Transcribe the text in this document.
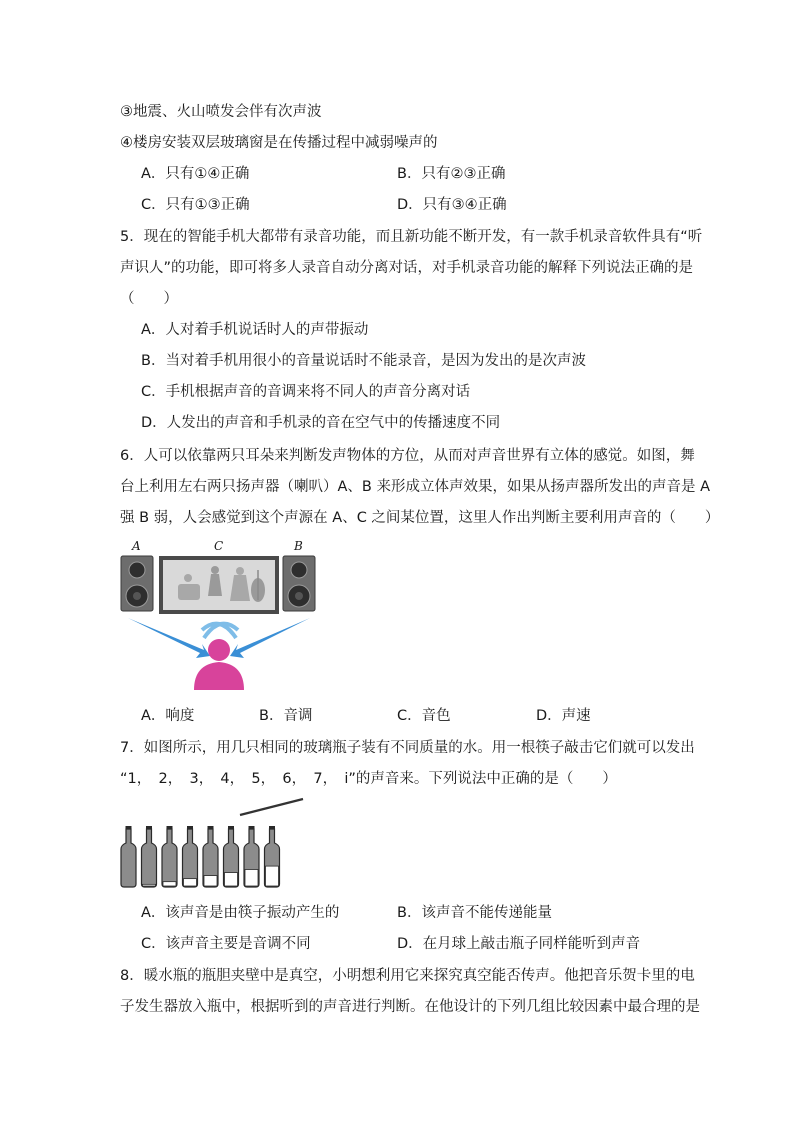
③地震、火山喷发会伴有次声波
④楼房安装双层玻璃窗是在传播过程中减弱噪声的
A．只有①④正确	B．只有②③正确
C．只有①③正确	D．只有③④正确
5．现在的智能手机大都带有录音功能，而且新功能不断开发，有一款手机录音软件具有“听
声识人”的功能，即可将多人录音自动分离对话，对手机录音功能的解释下列说法正确的是
（　　）
A．人对着手机说话时人的声带振动
B．当对着手机用很小的音量说话时不能录音，是因为发出的是次声波
C．手机根据声音的音调来将不同人的声音分离对话
D．人发出的声音和手机录的音在空气中的传播速度不同
6．人可以依靠两只耳朵来判断发声物体的方位，从而对声音世界有立体的感觉。如图，舞
台上利用左右两只扬声器（喇叭）A、B 来形成立体声效果，如果从扬声器所发出的声音是 A
强 B 弱，人会感觉到这个声源在 A、C 之间某位置，这里人作出判断主要利用声音的（　　）
A	C	B
A．响度	B．音调	C．音色	D．声速
7．如图所示，用几只相同的玻璃瓶子装有不同质量的水。用一根筷子敲击它们就可以发出
“1，　2，　3，　4，　5，　6，　7，　i”的声音来。下列说法中正确的是（　　）
A．该声音是由筷子振动产生的	B．该声音不能传递能量
C．该声音主要是音调不同	D．在月球上敲击瓶子同样能听到声音
8．暖水瓶的瓶胆夹壁中是真空，小明想利用它来探究真空能否传声。他把音乐贺卡里的电
子发生器放入瓶中，根据听到的声音进行判断。在他设计的下列几组比较因素中最合理的是
